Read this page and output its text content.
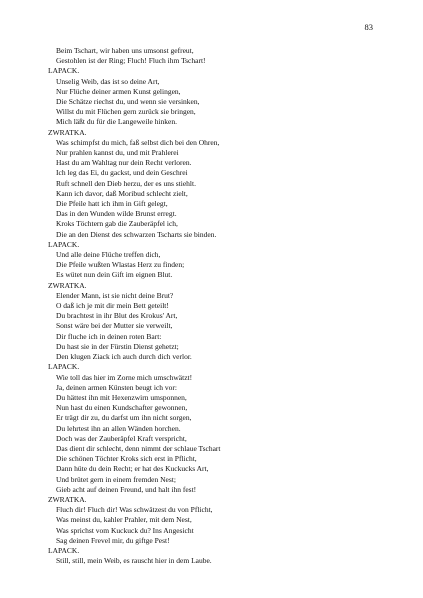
83
Beim Tschart, wir haben uns umsonst gefreut,
Gestohlen ist der Ring; Fluch! Fluch ihm Tschart!
LAPACK.
Unselig Weib, das ist so deine Art,
Nur Flüche deiner armen Kunst gelingen,
Die Schätze riechst du, und wenn sie versinken,
Willst du mit Flüchen gern zurück sie bringen,
Mich läßt du für die Langeweile hinken.
ZWRATKA.
Was schimpfst du mich, faß selbst dich bei den Ohren,
Nur prahlen kannst du, und mit Prahlerei
Hast du am Wahltag nur dein Recht verloren.
Ich leg das Ei, du gackst, und dein Geschrei
Ruft schnell den Dieb herzu, der es uns stiehlt.
Kann ich davor, daß Moribud schlecht zielt,
Die Pfeile hatt ich ihm in Gift gelegt,
Das in den Wunden wilde Brunst erregt.
Kroks Töchtern gab die Zauberäpfel ich,
Die an den Dienst des schwarzen Tscharts sie binden.
LAPACK.
Und alle deine Flüche treffen dich,
Die Pfeile wußten Wlastas Herz zu finden;
Es wütet nun dein Gift im eignen Blut.
ZWRATKA.
Elender Mann, ist sie nicht deine Brut?
O daß ich je mit dir mein Bett geteilt!
Du brachtest in ihr Blut des Krokus' Art,
Sonst wäre bei der Mutter sie verweilt,
Dir fluche ich in deinen roten Bart:
Du hast sie in der Fürstin Dienst gehetzt;
Den klugen Ziack ich auch durch dich verlor.
LAPACK.
Wie toll das hier im Zorne mich umschwätzt!
Ja, deinen armen Künsten beugt ich vor:
Du hättest ihn mit Hexenzwirn umsponnen,
Nun hast du einen Kundschafter gewonnen,
Er trägt dir zu, du darfst um ihn nicht sorgen,
Du lehrtest ihn an allen Wänden horchen.
Doch was der Zauberäpfel Kraft verspricht,
Das dient dir schlecht, denn nimmt der schlaue Tschart
Die schönen Töchter Kroks sich erst in Pflicht,
Dann hüte du dein Recht; er hat des Kuckucks Art,
Und brütet gern in einem fremden Nest;
Gieb acht auf deinen Freund, und halt ihn fest!
ZWRATKA.
Fluch dir! Fluch dir! Was schwätzest du von Pflicht,
Was meinst du, kahler Prahler, mit dem Nest,
Was sprichst vom Kuckuck du? Ins Angesicht
Sag deinen Frevel mir, du giftge Pest!
LAPACK.
Still, still, mein Weib, es rauscht hier in dem Laube.
